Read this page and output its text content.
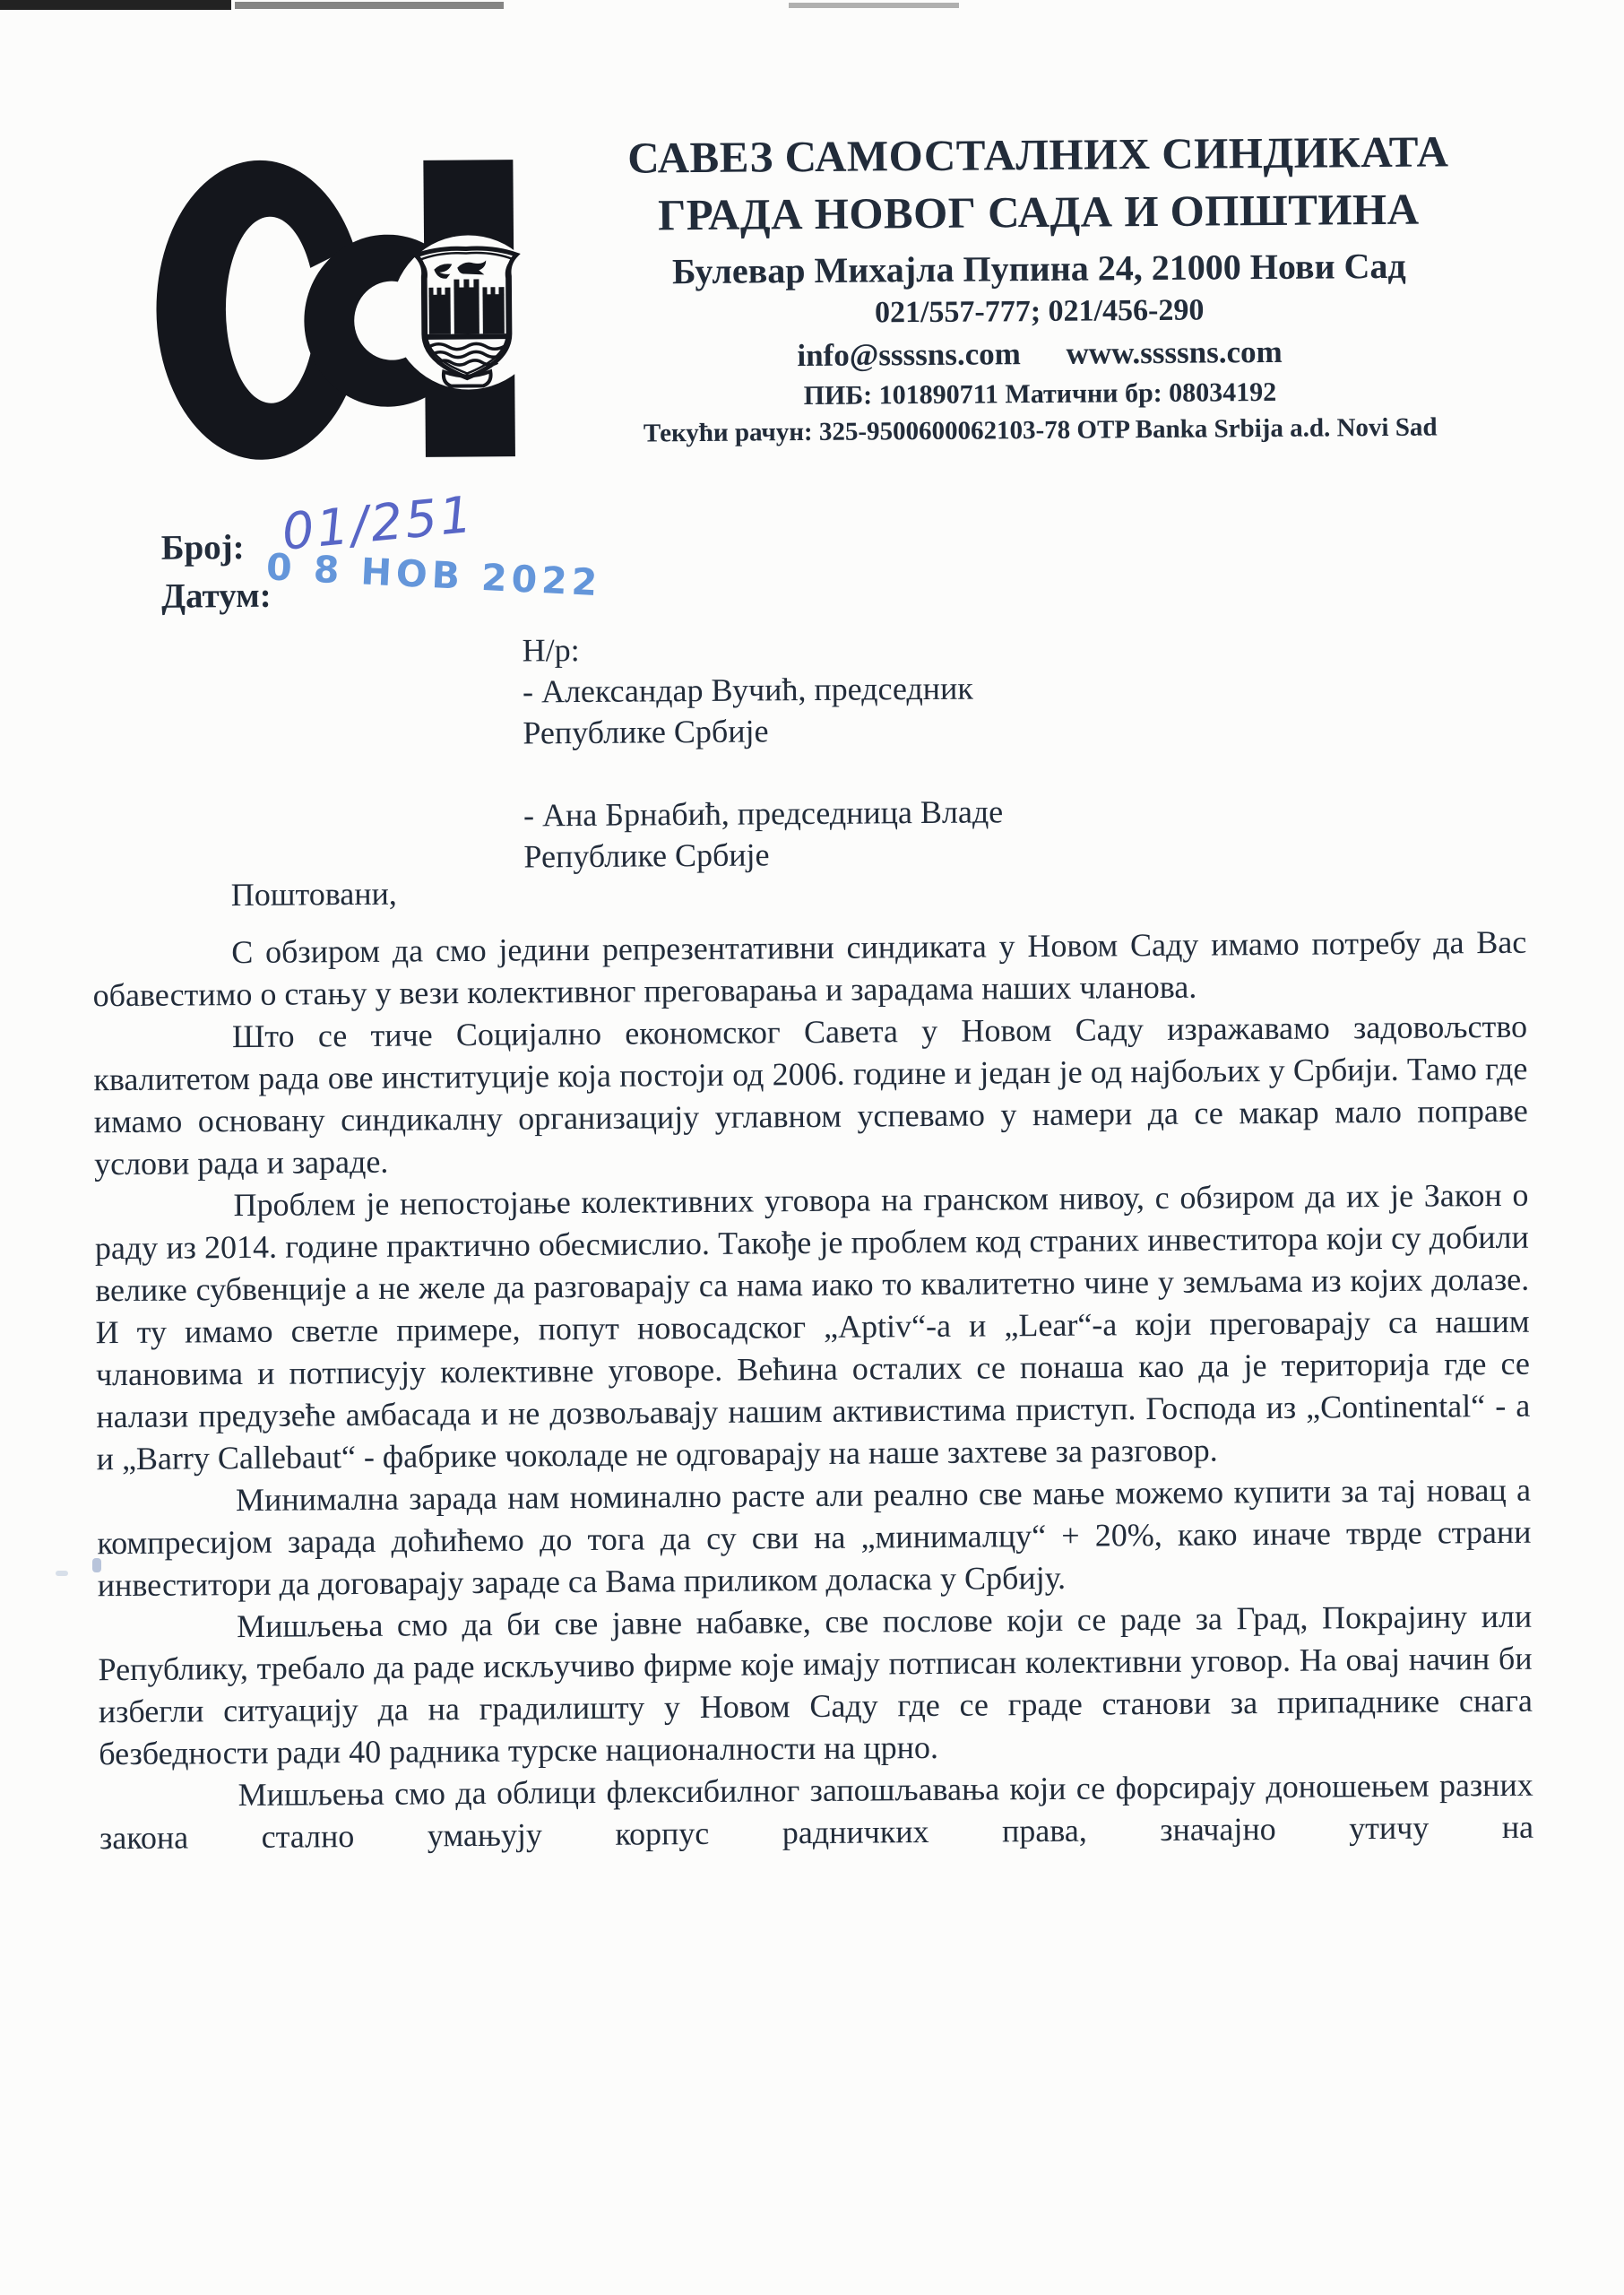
САВЕЗ САМОСТАЛНИХ СИНДИКАТА
ГРАДА НОВОГ САДА И ОПШТИНА
Булевар Михајла Пупина 24, 21000 Нови Сад
021/557-777; 021/456-290
info@ssssns.com www.ssssns.com
ПИБ: 101890711 Матични бр: 08034192
Текући рачун: 325-9500600062103-78 OTP Banka Srbija a.d. Novi Sad
Број: 01/251
Датум:
0 8 НОВ 2022
Н/р:
- Александар Вучић, председник
Републике Србије
- Ана Брнабић, председница Владе
Републике Србије
Поштовани,

С обзиром да смо једини репрезентативни синдиката у Новом Саду имамо потребу да Вас обавестимо о стању у вези колективног преговарања и зарадама наших чланова.

Што се тиче Социјално економског Савета у Новом Саду изражавамо задовољство квалитетом рада ове институције која постоји од 2006. године и један је од најбољих у Србији. Тамо где имамо основану синдикалну организацију углавном успевамо у намери да се макар мало поправе услови рада и зараде.

Проблем је непостојање колективних уговора на гранском нивоу, с обзиром да их је Закон о раду из 2014. године практично обесмислио. Такође је проблем код страних инвеститора који су добили велике субвенције а не желе да разговарају са нама иако то квалитетно чине у земљама из којих долазе. И ту имамо светле примере, попут новосадског „Aptiv“-а и „Lear“-а који преговарају са нашим члановима и потписују колективне уговоре. Већина осталих се понаша као да је територија где се налази предузеће амбасада и не дозвољавају нашим активистима приступ. Господа из „Continental“ - а и „Barry Callebaut“ - фабрике чоколаде не одговарају на наше захтеве за разговор.

Минимална зарада нам номинално расте али реално све мање можемо купити за тај новац а компресијом зарада доћићемо до тога да су сви на „минималцу“ + 20%, како иначе тврде страни инвеститори да договарају зараде са Вама приликом доласка у Србију.

Мишљења смо да би све јавне набавке, све послове који се раде за Град, Покрајину или Републику, требало да раде искључиво фирме које имају потписан колективни уговор. На овај начин би избегли ситуацију да на градилишту у Новом Саду где се граде станови за припаднике снага безбедности ради 40 радника турске националности на црно.

Мишљења смо да облици флексибилног запошљавања који се форсирају доношењем разних закона стално умањују корпус радничких права, значајно утичу на
